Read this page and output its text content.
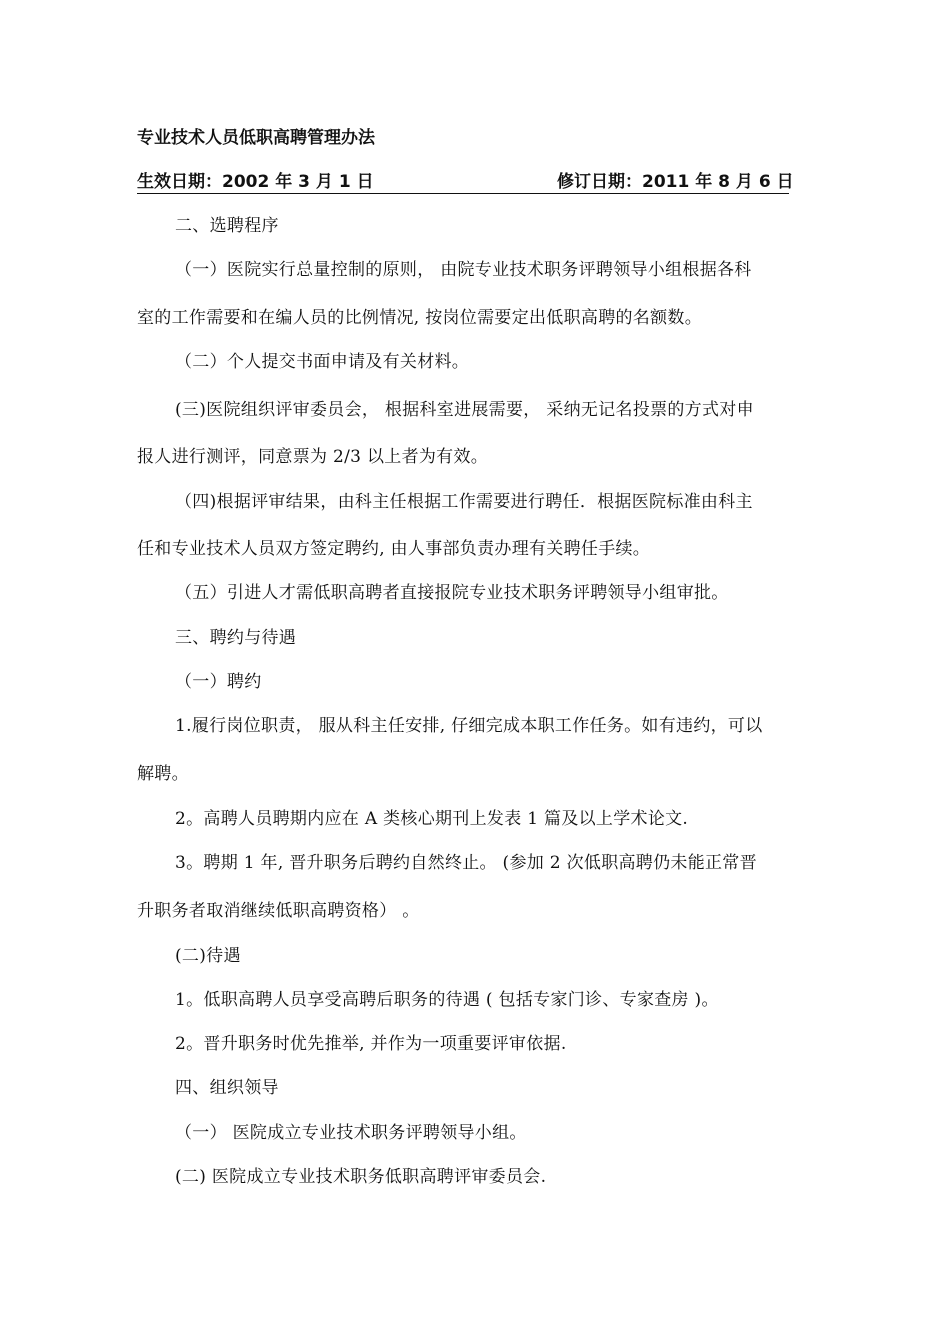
专业技术人员低职高聘管理办法
生效日期：2002 年 3 月 1 日	修订日期：2011 年 8 月 6 日
二、选聘程序
（一）医院实行总量控制的原则， 由院专业技术职务评聘领导小组根据各科
室的工作需要和在编人员的比例情况, 按岗位需要定出低职高聘的名额数。
（二）个人提交书面申请及有关材料。
(三)医院组织评审委员会， 根据科室进展需要， 采纳无记名投票的方式对申
报人进行测评，同意票为 2/3 以上者为有效。
（四)根据评审结果，由科主任根据工作需要进行聘任．根据医院标准由科主
任和专业技术人员双方签定聘约, 由人事部负责办理有关聘任手续。
（五）引进人才需低职高聘者直接报院专业技术职务评聘领导小组审批。
三、聘约与待遇
（一）聘约
1.履行岗位职责， 服从科主任安排, 仔细完成本职工作任务。如有违约，可以
解聘。
2。高聘人员聘期内应在 A 类核心期刊上发表 1 篇及以上学术论文.
3。聘期 1 年, 晋升职务后聘约自然终止。 (参加 2 次低职高聘仍未能正常晋
升职务者取消继续低职高聘资格） 。
(二)待遇
1。低职高聘人员享受高聘后职务的待遇 ( 包括专家门诊、专家查房 )。
2。晋升职务时优先推举, 并作为一项重要评审依据.
四、组织领导
（一） 医院成立专业技术职务评聘领导小组。
(二) 医院成立专业技术职务低职高聘评审委员会.
